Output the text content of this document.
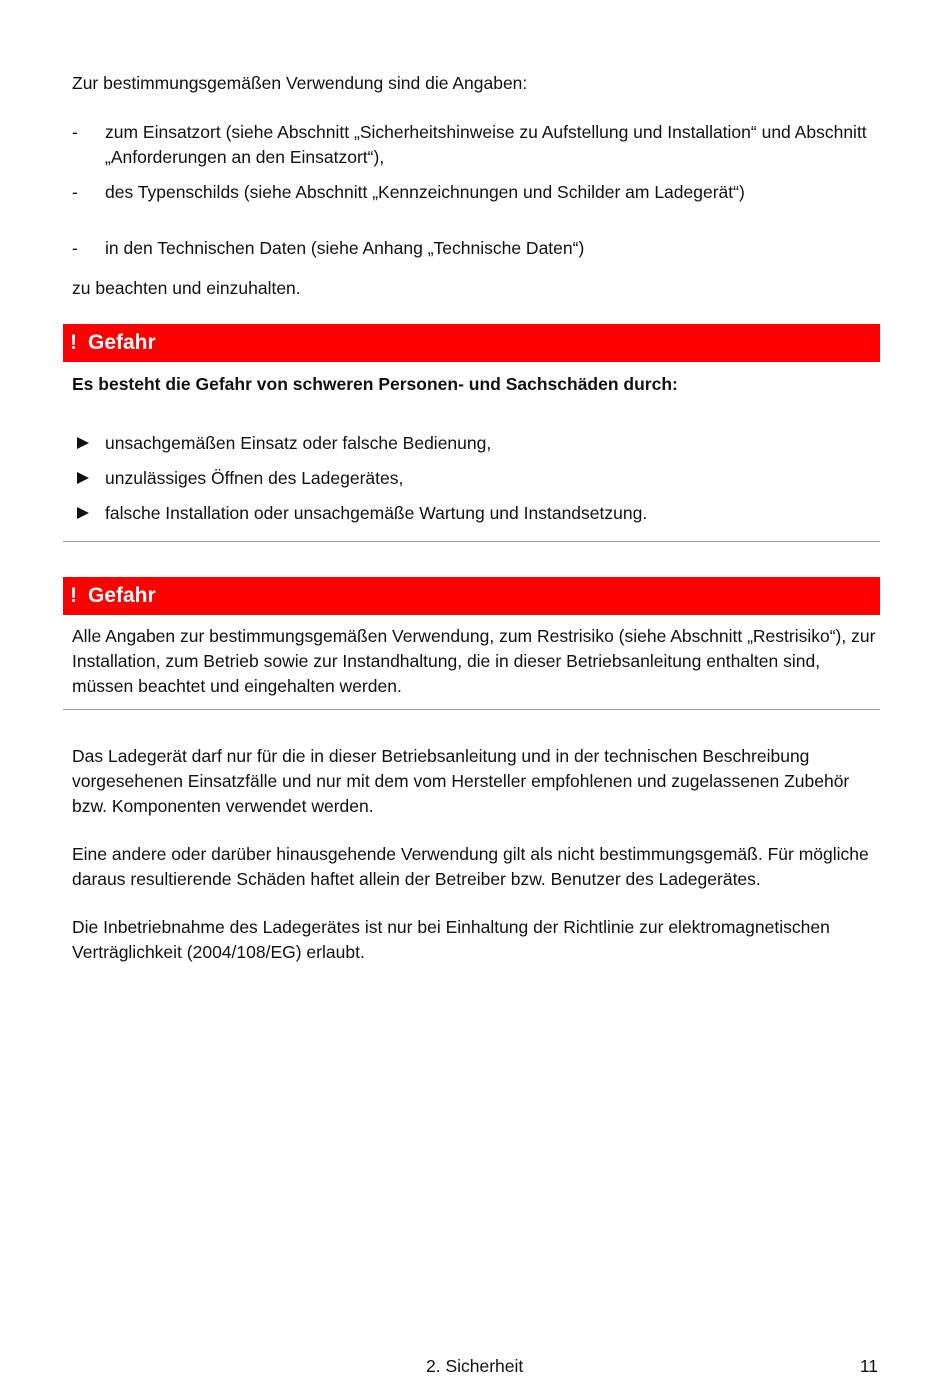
Zur bestimmungsgemäßen Verwendung sind die Angaben:
- zum Einsatzort (siehe Abschnitt „Sicherheitshinweise zu Aufstellung und Installation“ und Abschnitt „Anforderungen an den Einsatzort“),
- des Typenschilds (siehe Abschnitt „Kennzeichnungen und Schilder am Ladegerät“)
- in den Technischen Daten (siehe Anhang „Technische Daten“)
zu beachten und einzuhalten.
! Gefahr
Es besteht die Gefahr von schweren Personen- und Sachschäden durch:
unsachgemäßen Einsatz oder falsche Bedienung,
unzulässiges Öffnen des Ladegerätes,
falsche Installation oder unsachgemäße Wartung und Instandsetzung.
! Gefahr
Alle Angaben zur bestimmungsgemäßen Verwendung, zum Restrisiko (siehe Abschnitt „Restrisiko“), zur Installation, zum Betrieb sowie zur Instandhaltung, die in dieser Betriebsanleitung enthalten sind, müssen beachtet und eingehalten werden.
Das Ladegerät darf nur für die in dieser Betriebsanleitung und in der technischen Beschreibung vorgesehenen Einsatzfälle und nur mit dem vom Hersteller empfohlenen und zugelassenen Zubehör bzw. Komponenten verwendet werden.
Eine andere oder darüber hinausgehende Verwendung gilt als nicht bestimmungsgemäß. Für mögliche daraus resultierende Schäden haftet allein der Betreiber bzw. Benutzer des Ladegerätes.
Die Inbetriebnahme des Ladegerätes ist nur bei Einhaltung der Richtlinie zur elektromagnetischen Verträglichkeit (2004/108/EG) erlaubt.
2. Sicherheit	11
